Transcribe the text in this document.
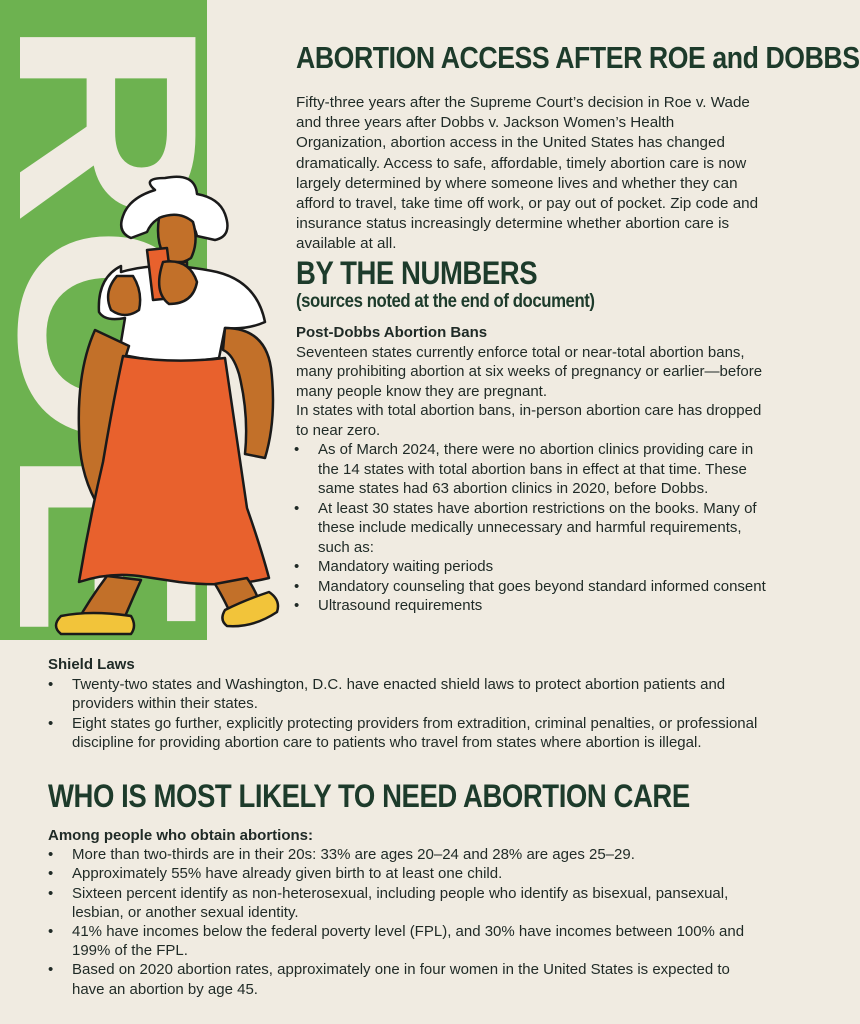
ABORTION ACCESS AFTER ROE and DOBBS

Fifty-three years after the Supreme Court’s decision in Roe v. Wade and three years after Dobbs v. Jackson Women’s Health Organization, abortion access in the United States has changed dramatically. Access to safe, affordable, timely abortion care is now largely determined by where someone lives and whether they can afford to travel, take time off work, or pay out of pocket. Zip code and insurance status increasingly determine whether abortion care is available at all.

BY THE NUMBERS
(sources noted at the end of document)

Post-Dobbs Abortion Bans

Seventeen states currently enforce total or near-total abortion bans, many prohibiting abortion at six weeks of pregnancy or earlier—before many people know they are pregnant.

In states with total abortion bans, in-person abortion care has dropped to near zero.

• As of March 2024, there were no abortion clinics providing care in the 14 states with total abortion bans in effect at that time. These same states had 63 abortion clinics in 2020, before Dobbs.
• At least 30 states have abortion restrictions on the books. Many of these include medically unnecessary and harmful requirements, such as:
• Mandatory waiting periods
• Mandatory counseling that goes beyond standard informed consent
• Ultrasound requirements

Shield Laws

• Twenty-two states and Washington, D.C. have enacted shield laws to protect abortion patients and providers within their states.
• Eight states go further, explicitly protecting providers from extradition, criminal penalties, or professional discipline for providing abortion care to patients who travel from states where abortion is illegal.
WHO IS MOST LIKELY TO NEED ABORTION CARE

Among people who obtain abortions:

• More than two-thirds are in their 20s: 33% are ages 20–24 and 28% are ages 25–29.
• Approximately 55% have already given birth to at least one child.
• Sixteen percent identify as non-heterosexual, including people who identify as bisexual, pansexual, lesbian, or another sexual identity.
• 41% have incomes below the federal poverty level (FPL), and 30% have incomes between 100% and 199% of the FPL.
• Based on 2020 abortion rates, approximately one in four women in the United States is expected to have an abortion by age 45.
